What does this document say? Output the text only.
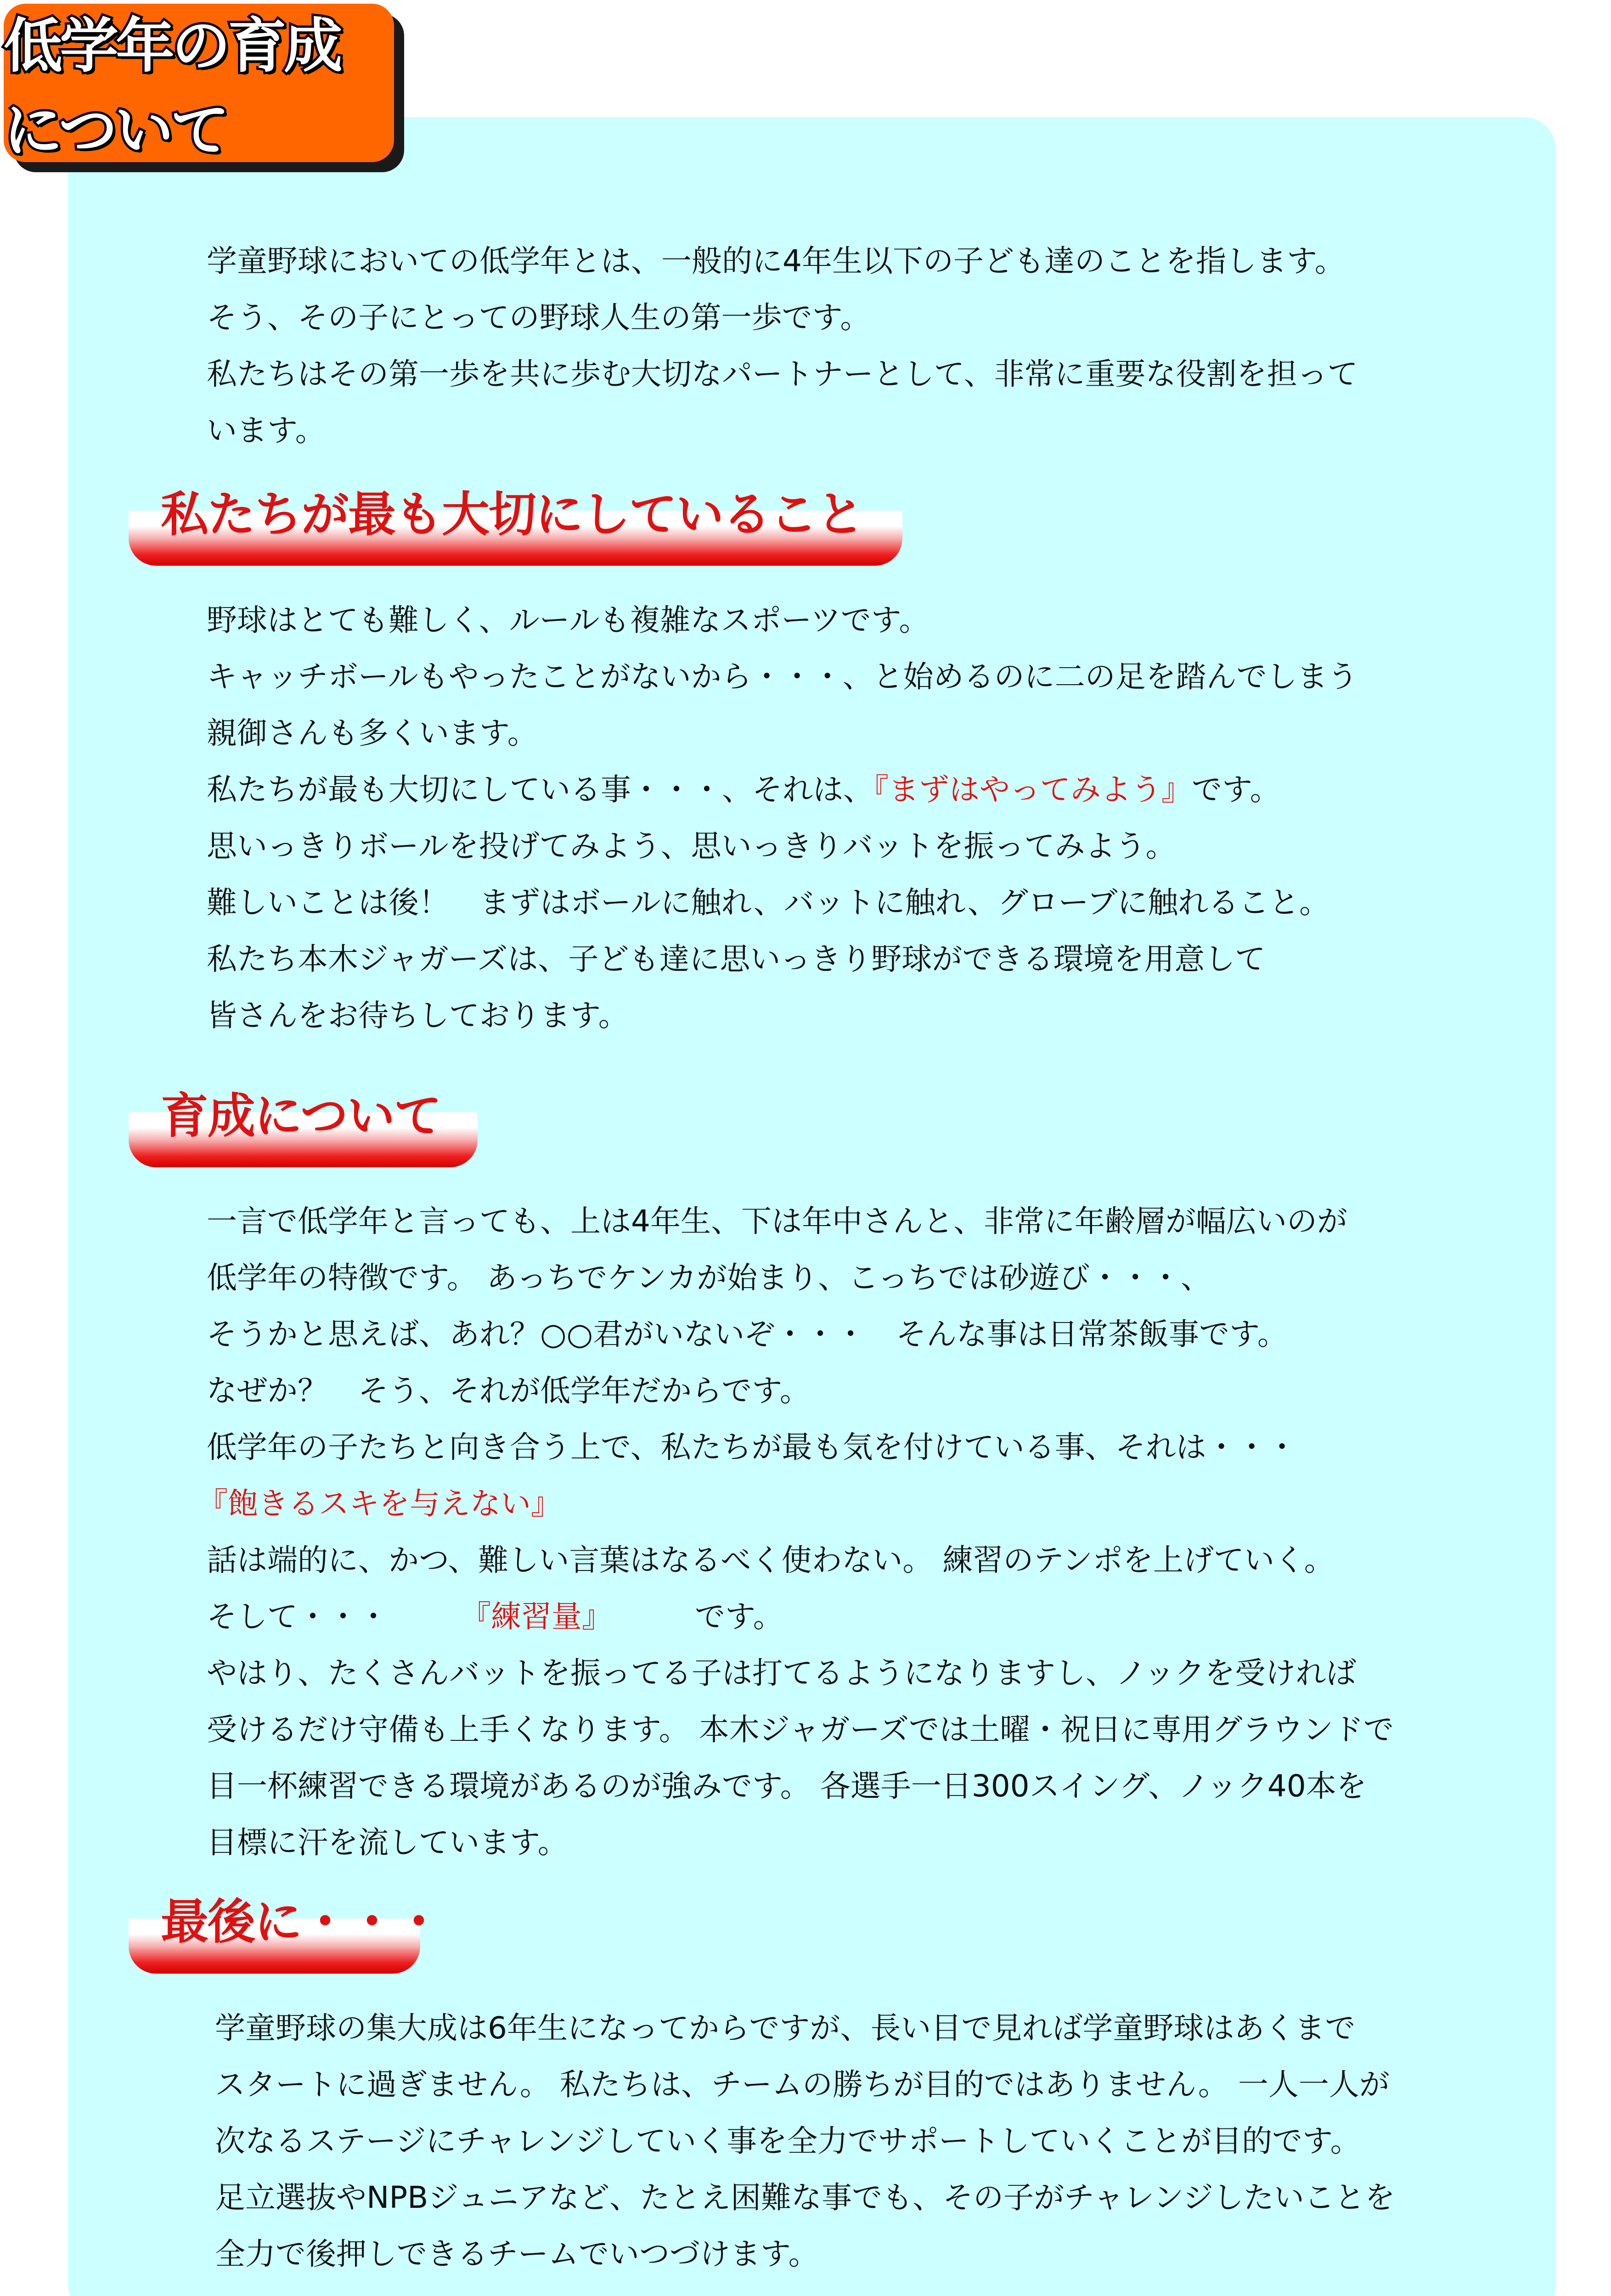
低学年の育成について
学童野球においての低学年とは、一般的に4年生以下の子ども達のことを指します。
そう、その子にとっての野球人生の第一歩です。
私たちはその第一歩を共に歩む大切なパートナーとして、非常に重要な役割を担って
います。
私たちが最も大切にしていること
野球はとても難しく、ルールも複雑なスポーツです。
キャッチボールもやったことがないから・・・、と始めるのに二の足を踏んでしまう
親御さんも多くいます。
私たちが最も大切にしている事・・・、それは、『まずはやってみよう』です。
思いっきりボールを投げてみよう、思いっきりバットを振ってみよう。
難しいことは後！　まずはボールに触れ、バットに触れ、グローブに触れること。
私たち本木ジャガーズは、子ども達に思いっきり野球ができる環境を用意して
皆さんをお待ちしております。
育成について
一言で低学年と言っても、上は4年生、下は年中さんと、非常に年齢層が幅広いのが
低学年の特徴です。 あっちでケンカが始まり、こっちでは砂遊び・・・、
そうかと思えば、あれ？○○君がいないぞ・・・　そんな事は日常茶飯事です。
なぜか？　そう、それが低学年だからです。
低学年の子たちと向き合う上で、私たちが最も気を付けている事、それは・・・
『飽きるスキを与えない』
話は端的に、かつ、難しい言葉はなるべく使わない。 練習のテンポを上げていく。
そして・・・	『練習量』	です。
やはり、たくさんバットを振ってる子は打てるようになりますし、ノックを受ければ
受けるだけ守備も上手くなります。 本木ジャガーズでは土曜・祝日に専用グラウンドで
目一杯練習できる環境があるのが強みです。 各選手一日300スイング、ノック40本を
目標に汗を流しています。
最後に・・・
学童野球の集大成は6年生になってからですが、長い目で見れば学童野球はあくまで
スタートに過ぎません。 私たちは、チームの勝ちが目的ではありません。 一人一人が
次なるステージにチャレンジしていく事を全力でサポートしていくことが目的です。
足立選抜やNPBジュニアなど、たとえ困難な事でも、その子がチャレンジしたいことを
全力で後押しできるチームでいつづけます。
